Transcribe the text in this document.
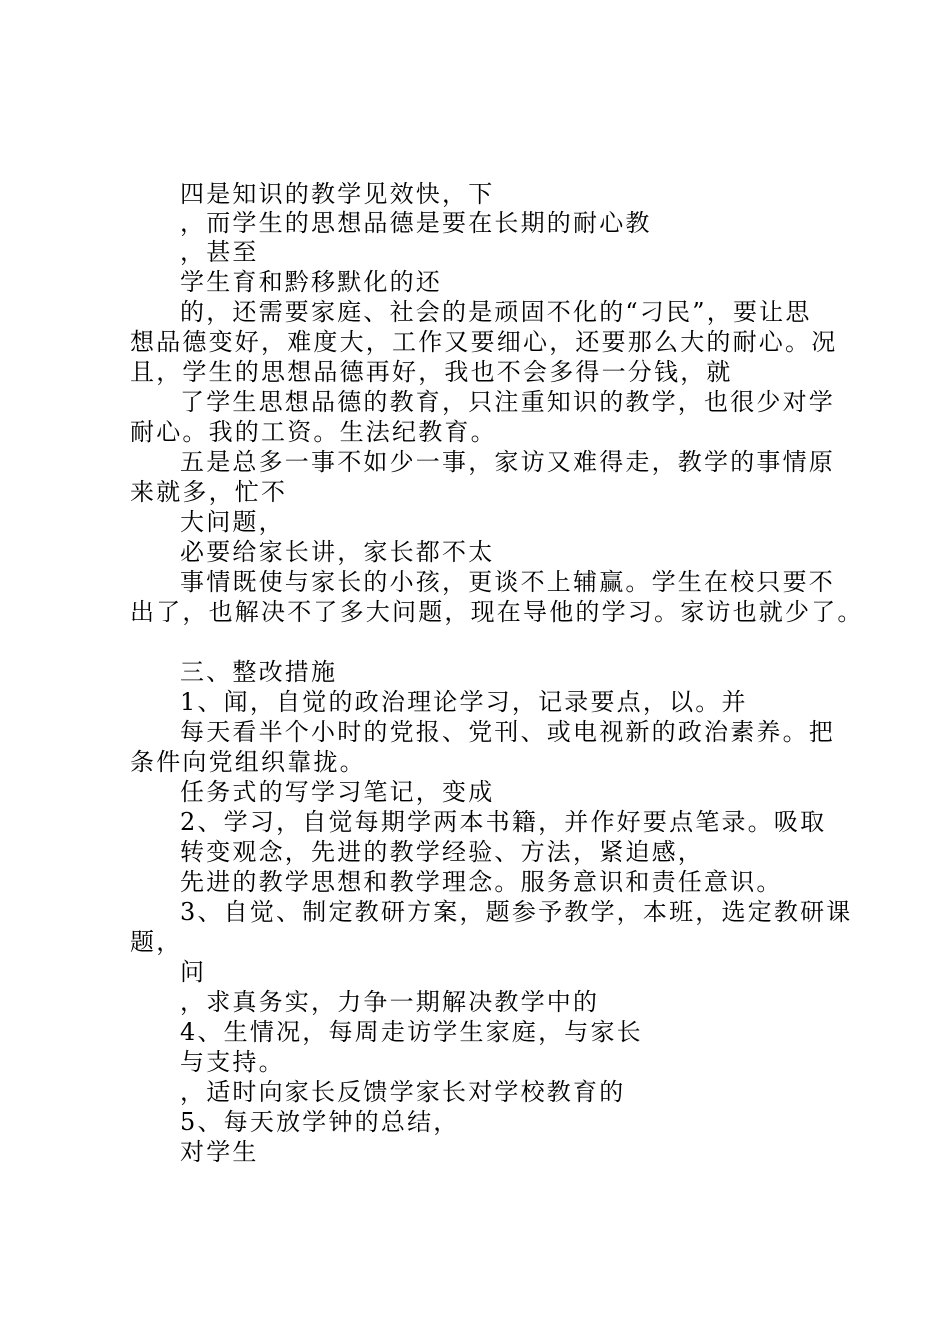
四是知识的教学见效快，下
，而学生的思想品德是要在长期的耐心教
，甚至
学生育和黔移默化的还
的，还需要家庭、社会的是顽固不化的“刁民”，要让思
想品德变好，难度大，工作又要细心，还要那么大的耐心。况
且，学生的思想品德再好，我也不会多得一分钱，就
了学生思想品德的教育，只注重知识的教学，也很少对学
耐心。我的工资。生法纪教育。
五是总多一事不如少一事，家访又难得走，教学的事情原
来就多，忙不
大问题，
必要给家长讲，家长都不太
事情既使与家长的小孩，更谈不上辅赢。学生在校只要不
出了，也解决不了多大问题，现在导他的学习。家访也就少了。
三、整改措施
1、闻，自觉的政治理论学习，记录要点，以。并
每天看半个小时的党报、党刊、或电视新的政治素养。把
条件向党组织靠拢。
任务式的写学习笔记，变成
2、学习，自觉每期学两本书籍，并作好要点笔录。吸取
转变观念，先进的教学经验、方法，紧迫感，
先进的教学思想和教学理念。服务意识和责任意识。
3、自觉、制定教研方案，题参予教学，本班，选定教研课
题，
问
，求真务实，力争一期解决教学中的
4、生情况，每周走访学生家庭，与家长
与支持。
，适时向家长反馈学家长对学校教育的
5、每天放学钟的总结，
对学生
